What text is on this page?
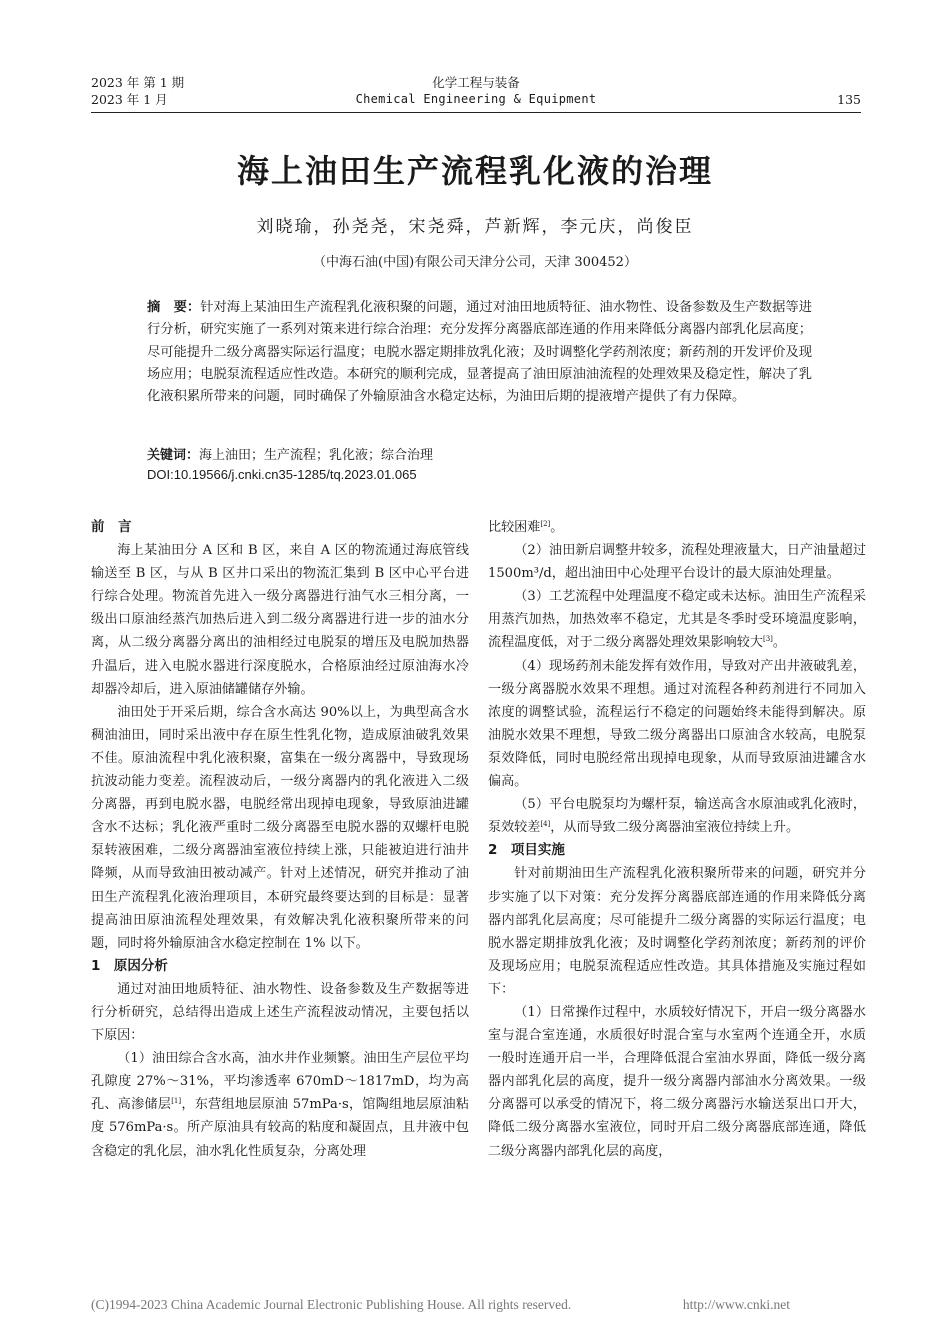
2023 年 第 1 期
2023 年 1 月
化学工程与装备
Chemical Engineering & Equipment	135
海上油田生产流程乳化液的治理
刘晓瑜，孙尧尧，宋尧舜，芦新辉，李元庆，尚俊臣
（中海石油(中国)有限公司天津分公司，天津 300452）
摘　要：针对海上某油田生产流程乳化液积聚的问题，通过对油田地质特征、油水物性、设备参数及生产数据等进行分析，研究实施了一系列对策来进行综合治理：充分发挥分离器底部连通的作用来降低分离器内部乳化层高度；尽可能提升二级分离器实际运行温度；电脱水器定期排放乳化液；及时调整化学药剂浓度；新药剂的开发评价及现场应用；电脱泵流程适应性改造。本研究的顺利完成，显著提高了油田原油油流程的处理效果及稳定性，解决了乳化液积累所带来的问题，同时确保了外输原油含水稳定达标，为油田后期的提液增产提供了有力保障。
关键词：海上油田；生产流程；乳化液；综合治理
DOI:10.19566/j.cnki.cn35-1285/tq.2023.01.065
前　言

海上某油田分 A 区和 B 区，来自 A 区的物流通过海底管线输送至 B 区，与从 B 区井口采出的物流汇集到 B 区中心平台进行综合处理。物流首先进入一级分离器进行油气水三相分离，一级出口原油经蒸汽加热后进入到二级分离器进行进一步的油水分离，从二级分离器分离出的油相经过电脱泵的增压及电脱加热器升温后，进入电脱水器进行深度脱水，合格原油经过原油海水冷却器冷却后，进入原油储罐储存外输。

油田处于开采后期，综合含水高达 90%以上，为典型高含水稠油油田，同时采出液中存在原生性乳化物，造成原油破乳效果不佳。原油流程中乳化液积聚，富集在一级分离器中，导致现场抗波动能力变差。流程波动后，一级分离器内的乳化液进入二级分离器，再到电脱水器，电脱经常出现掉电现象，导致原油进罐含水不达标；乳化液严重时二级分离器至电脱水器的双螺杆电脱泵转液困难，二级分离器油室液位持续上涨，只能被迫进行油井降频，从而导致油田被动减产。针对上述情况，研究并推动了油田生产流程乳化液治理项目，本研究最终要达到的目标是：显著提高油田原油流程处理效果，有效解决乳化液积聚所带来的问题，同时将外输原油含水稳定控制在 1% 以下。

1　原因分析

通过对油田地质特征、油水物性、设备参数及生产数据等进行分析研究，总结得出造成上述生产流程波动情况，主要包括以下原因：

（1）油田综合含水高，油水井作业频繁。油田生产层位平均孔隙度 27%～31%，平均渗透率 670mD～1817mD，均为高孔、高渗储层[1]，东营组地层原油 57mPa·s，馆陶组地层原油粘度 576mPa·s。所产原油具有较高的粘度和凝固点，且井液中包含稳定的乳化层，油水乳化性质复杂，分离处理

比较困难[2]。

（2）油田新启调整井较多，流程处理液量大，日产油量超过 1500m³/d，超出油田中心处理平台设计的最大原油处理量。

（3）工艺流程中处理温度不稳定或未达标。油田生产流程采用蒸汽加热，加热效率不稳定，尤其是冬季时受环境温度影响，流程温度低，对于二级分离器处理效果影响较大[3]。

（4）现场药剂未能发挥有效作用，导致对产出井液破乳差，一级分离器脱水效果不理想。通过对流程各种药剂进行不同加入浓度的调整试验，流程运行不稳定的问题始终未能得到解决。原油脱水效果不理想，导致二级分离器出口原油含水较高，电脱泵泵效降低，同时电脱经常出现掉电现象，从而导致原油进罐含水偏高。

（5）平台电脱泵均为螺杆泵，输送高含水原油或乳化液时，泵效较差[4]，从而导致二级分离器油室液位持续上升。

2　项目实施

针对前期油田生产流程乳化液积聚所带来的问题，研究并分步实施了以下对策：充分发挥分离器底部连通的作用来降低分离器内部乳化层高度；尽可能提升二级分离器的实际运行温度；电脱水器定期排放乳化液；及时调整化学药剂浓度；新药剂的评价及现场应用；电脱泵流程适应性改造。其具体措施及实施过程如下：

（1）日常操作过程中，水质较好情况下，开启一级分离器水室与混合室连通，水质很好时混合室与水室两个连通全开，水质一般时连通开启一半，合理降低混合室油水界面，降低一级分离器内部乳化层的高度，提升一级分离器内部油水分离效果。一级分离器可以承受的情况下，将二级分离器污水输送泵出口开大，降低二级分离器水室液位，同时开启二级分离器底部连通，降低二级分离器内部乳化层的高度，

(C)1994-2023 China Academic Journal Electronic Publishing House. All rights reserved.	http://www.cnki.net
